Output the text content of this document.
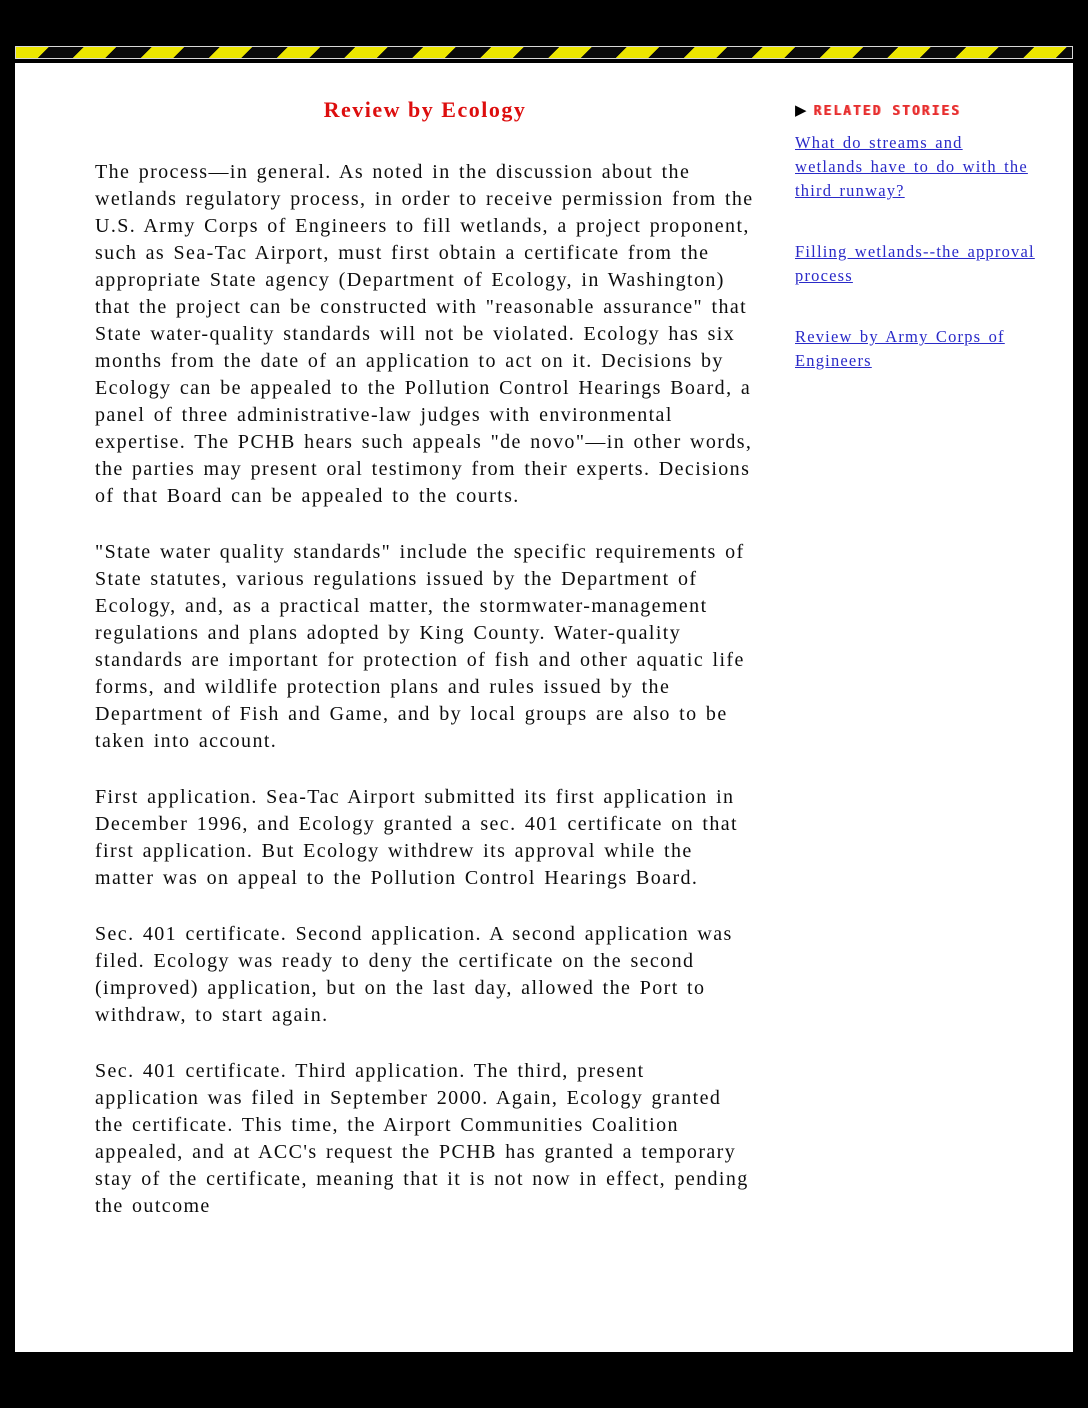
Review by Ecology

The process—in general. As noted in the discussion about the wetlands regulatory process, in order to receive permission from the U.S. Army Corps of Engineers to fill wetlands, a project proponent, such as Sea-Tac Airport, must first obtain a certificate from the appropriate State agency (Department of Ecology, in Washington) that the project can be constructed with "reasonable assurance" that State water-quality standards will not be violated. Ecology has six months from the date of an application to act on it. Decisions by Ecology can be appealed to the Pollution Control Hearings Board, a panel of three administrative-law judges with environmental expertise. The PCHB hears such appeals "de novo"—in other words, the parties may present oral testimony from their experts. Decisions of that Board can be appealed to the courts.

"State water quality standards" include the specific requirements of State statutes, various regulations issued by the Department of Ecology, and, as a practical matter, the stormwater-management regulations and plans adopted by King County. Water-quality standards are important for protection of fish and other aquatic life forms, and wildlife protection plans and rules issued by the Department of Fish and Game, and by local groups are also to be taken into account.

First application. Sea-Tac Airport submitted its first application in December 1996, and Ecology granted a sec. 401 certificate on that first application. But Ecology withdrew its approval while the matter was on appeal to the Pollution Control Hearings Board.

Sec. 401 certificate. Second application. A second application was filed. Ecology was ready to deny the certificate on the second (improved) application, but on the last day, allowed the Port to withdraw, to start again.

Sec. 401 certificate. Third application. The third, present application was filed in September 2000. Again, Ecology granted the certificate. This time, the Airport Communities Coalition appealed, and at ACC's request the PCHB has granted a temporary stay of the certificate, meaning that it is not now in effect, pending the outcome

▶ RELATED STORIES
What do streams and wetlands have to do with the third runway?
Filling wetlands--the approval process
Review by Army Corps of Engineers
